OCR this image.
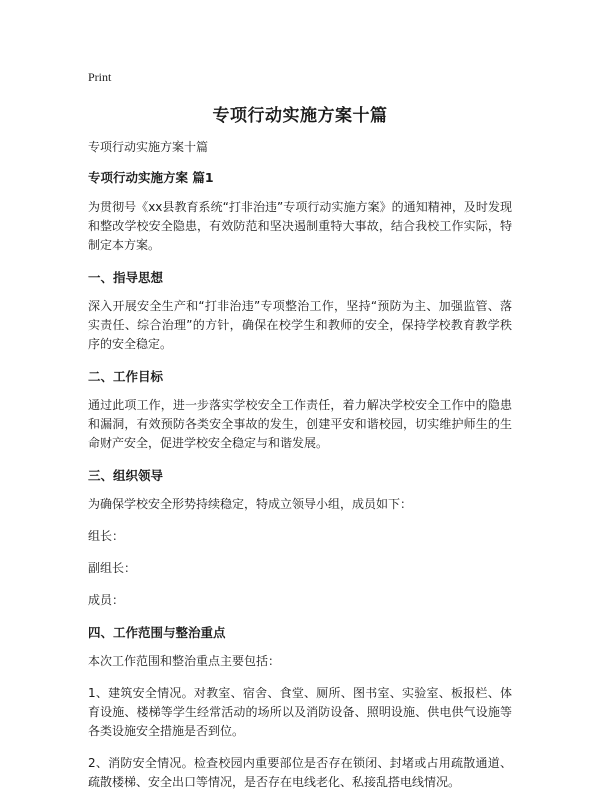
Print
专项行动实施方案十篇
专项行动实施方案十篇
专项行动实施方案 篇1
为贯彻号《xx县教育系统“打非治违”专项行动实施方案》的通知精神，及时发现和整改学校安全隐患，有效防范和坚决遏制重特大事故，结合我校工作实际，特制定本方案。
一、指导思想
深入开展安全生产和“打非治违”专项整治工作，坚持“预防为主、加强监管、落实责任、综合治理”的方针，确保在校学生和教师的安全，保持学校教育教学秩序的安全稳定。
二、工作目标
通过此项工作，进一步落实学校安全工作责任，着力解决学校安全工作中的隐患和漏洞，有效预防各类安全事故的发生，创建平安和谐校园，切实维护师生的生命财产安全，促进学校安全稳定与和谐发展。
三、组织领导
为确保学校安全形势持续稳定，特成立领导小组，成员如下：
组长：
副组长：
成员：
四、工作范围与整治重点
本次工作范围和整治重点主要包括：
1、建筑安全情况。对教室、宿舍、食堂、厕所、图书室、实验室、板报栏、体育设施、楼梯等学生经常活动的场所以及消防设备、照明设施、供电供气设施等各类设施安全措施是否到位。
2、消防安全情况。检查校园内重要部位是否存在锁闭、封堵或占用疏散通道、疏散楼梯、安全出口等情况，是否存在电线老化、私接乱搭电线情况。
